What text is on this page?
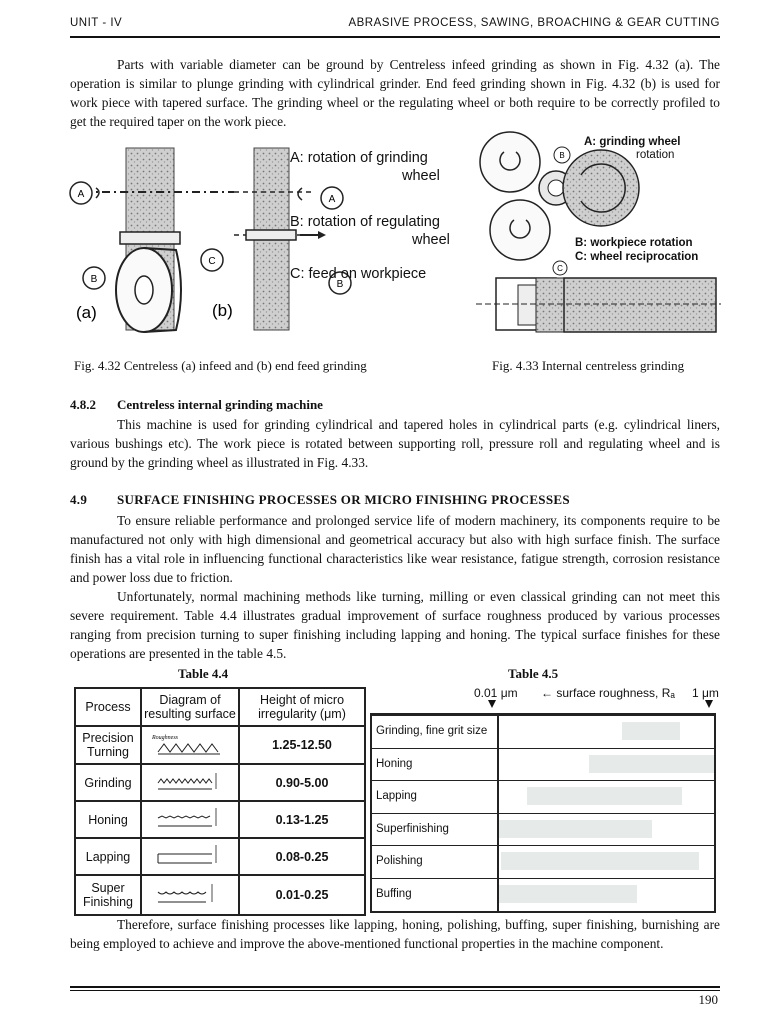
UNIT - IV	ABRASIVE PROCESS, SAWING, BROACHING & GEAR CUTTING

Parts with variable diameter can be ground by Centreless infeed grinding as shown in Fig. 4.32 (a). The operation is similar to plunge grinding with cylindrical grinder. End feed grinding shown in Fig. 4.32 (b) is used for work piece with tapered surface. The grinding wheel or the regulating wheel or both require to be correctly profiled to get the required taper on the work piece.

A
B
(a)
C
A
B
(b)
A: rotation of grinding
wheel
B: rotation of regulating
wheel
C: feed on workpiece
B
C
A: grinding wheel
rotation
B: workpiece rotation
C: wheel reciprocation
Fig. 4.32 Centreless (a) infeed and (b) end feed grinding	Fig. 4.33 Internal centreless grinding
4.8.2 Centreless internal grinding machine

This machine is used for grinding cylindrical and tapered holes in cylindrical parts (e.g. cylindrical liners, various bushings etc). The work piece is rotated between supporting roll, pressure roll and regulating wheel and is ground by the grinding wheel as illustrated in Fig. 4.33.

4.9 SURFACE FINISHING PROCESSES OR MICRO FINISHING PROCESSES

To ensure reliable performance and prolonged service life of modern machinery, its components require to be manufactured not only with high dimensional and geometrical accuracy but also with high surface finish. The surface finish has a vital role in influencing functional characteristics like wear resistance, fatigue strength, corrosion resistance and power loss due to friction.

Unfortunately, normal machining methods like turning, milling or even classical grinding can not meet this severe requirement. Table 4.4 illustrates gradual improvement of surface roughness produced by various processes ranging from precision turning to super finishing including lapping and honing. The typical surface finishes for these operations are presented in the table 4.5.

Table 4.4	Table 4.5
Process	Diagram of resulting surface	Height of micro irregularity (μm)
Precision Turning	Roughness	1.25-12.50
Grinding		0.90-5.00
Honing		0.13-1.25
Lapping		0.08-0.25
Super Finishing		0.01-0.25
0.01 μm ← surface roughness, Rₐ 1 μm
Grinding, fine grit size
Honing
Lapping
Superfinishing
Polishing
Buffing

Therefore, surface finishing processes like lapping, honing, polishing, buffing, super finishing, burnishing are being employed to achieve and improve the above-mentioned functional properties in the machine component.

190
